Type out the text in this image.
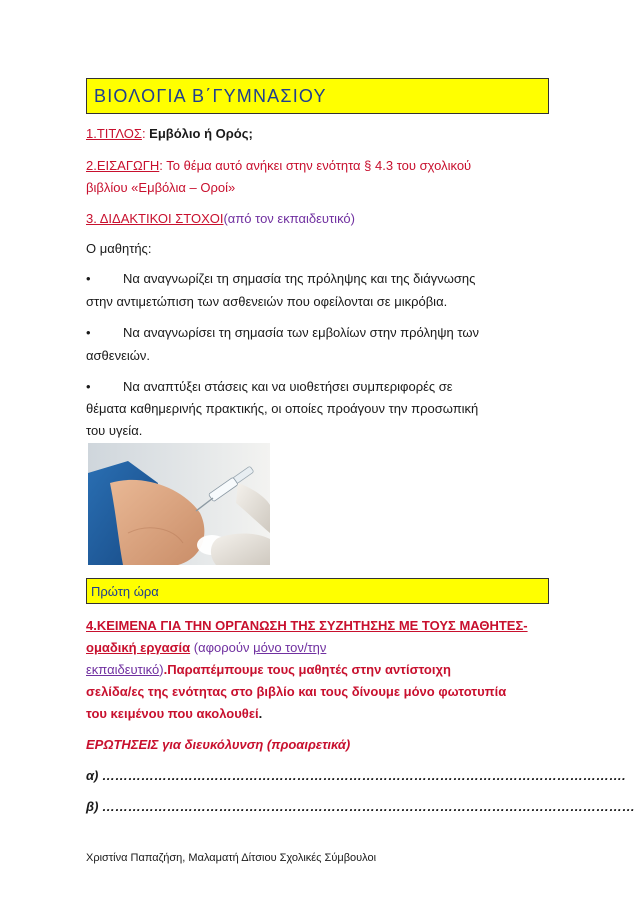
ΒΙΟΛΟΓΙΑ Β΄ΓΥΜΝΑΣΙΟΥ
1.ΤΙΤΛΟΣ: Εμβόλιο ή Ορός;
2.ΕΙΣΑΓΩΓΗ: Το θέμα αυτό ανήκει στην ενότητα § 4.3 του σχολικού
βιβλίου «Εμβόλια – Οροί»
3. ΔΙΔΑΚΤΙΚΟΙ ΣΤΟΧΟΙ(από τον εκπαιδευτικό)
Ο μαθητής:
• Να αναγνωρίζει τη σημασία της πρόληψης και της διάγνωσης
στην αντιμετώπιση των ασθενειών που οφείλονται σε μικρόβια.
• Να αναγνωρίσει τη σημασία των εμβολίων στην πρόληψη των
ασθενειών.
• Να αναπτύξει στάσεις και να υιοθετήσει συμπεριφορές σε
θέματα καθημερινής πρακτικής, οι οποίες προάγουν την προσωπική
του υγεία.
Πρώτη ώρα
4.ΚΕΙΜΕΝΑ ΓΙΑ ΤΗΝ ΟΡΓΑΝΩΣΗ ΤΗΣ ΣΥΖΗΤΗΣΗΣ ΜΕ ΤΟΥΣ ΜΑΘΗΤΕΣ-
ομαδική εργασία (αφορούν μόνο τον/την
εκπαιδευτικό).Παραπέμπουμε τους μαθητές στην αντίστοιχη
σελίδα/ες της ενότητας στο βιβλίο και τους δίνουμε μόνο φωτοτυπία
του κειμένου που ακολουθεί.
ΕΡΩΤΗΣΕΙΣ για διευκόλυνση (προαιρετικά)
α) ………………………………………………………………………………………………………….
β) ……………………………………………………………………………………………………………
Χριστίνα Παπαζήση, Μαλαματή Δίτσιου Σχολικές Σύμβουλοι
